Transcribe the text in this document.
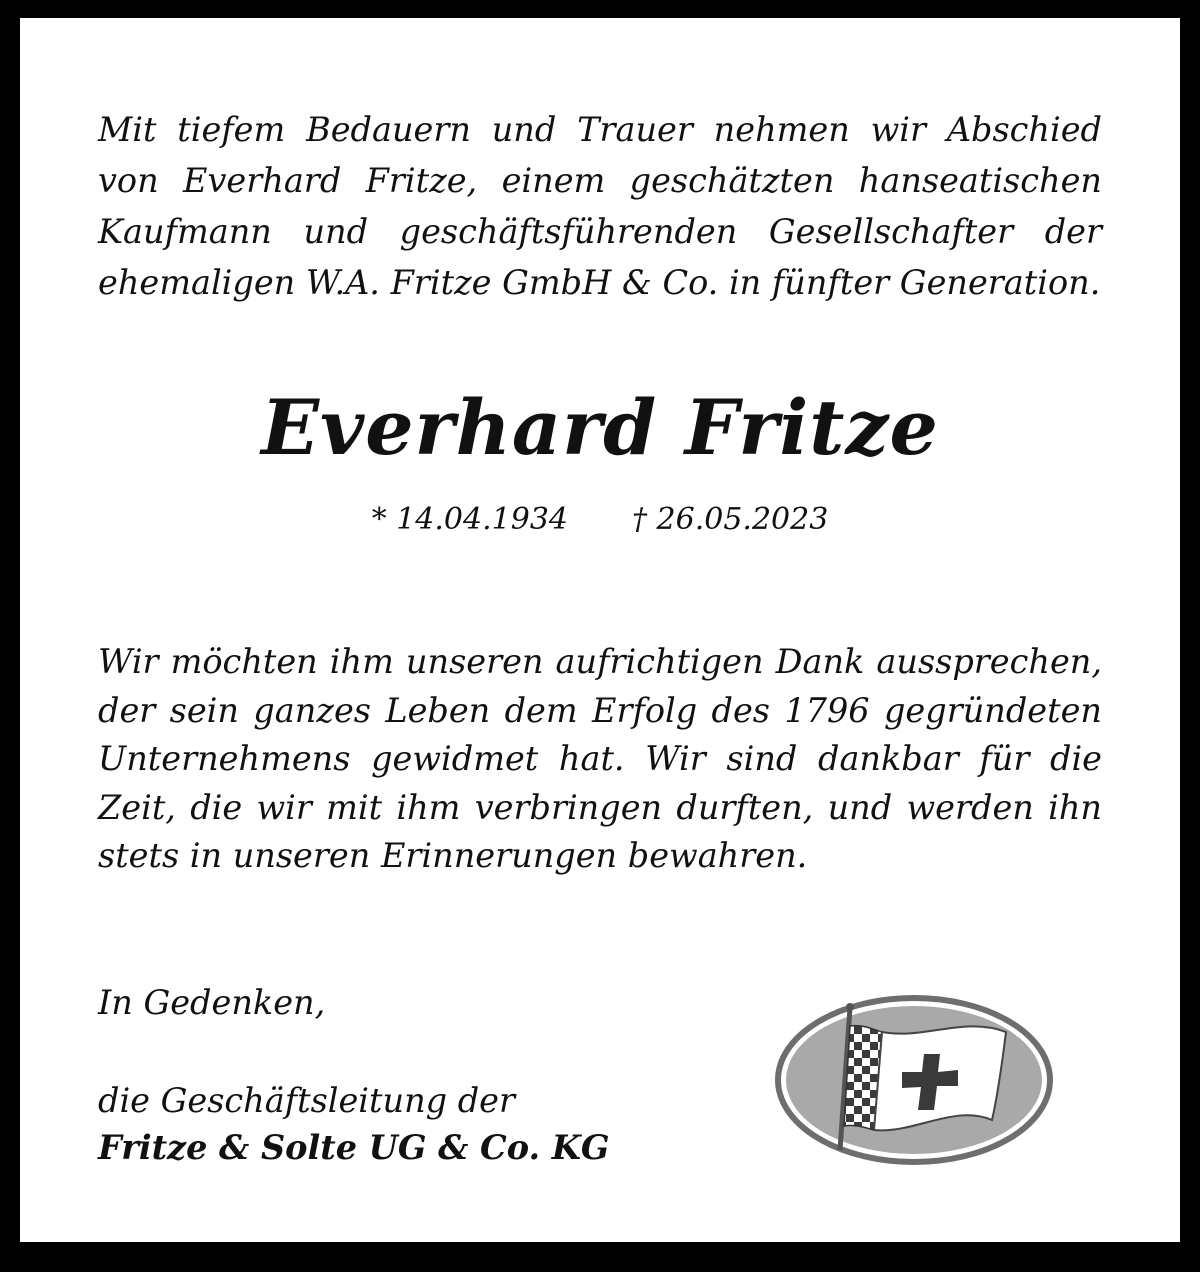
Mit tiefem Bedauern und Trauer nehmen wir Abschied von Everhard Fritze, einem geschätzten hanseatischen Kaufmann und geschäftsführenden Gesellschafter der ehemaligen W.A. Fritze GmbH & Co. in fünfter Generation.

Everhard Fritze
* 14.04.1934 † 26.05.2023

Wir möchten ihm unseren aufrichtigen Dank aussprechen, der sein ganzes Leben dem Erfolg des 1796 gegründeten Unternehmens gewidmet hat. Wir sind dankbar für die Zeit, die wir mit ihm verbringen durften, und werden ihn stets in unseren Erinnerungen bewahren.

In Gedenken,
die Geschäftsleitung der
Fritze & Solte UG & Co. KG
